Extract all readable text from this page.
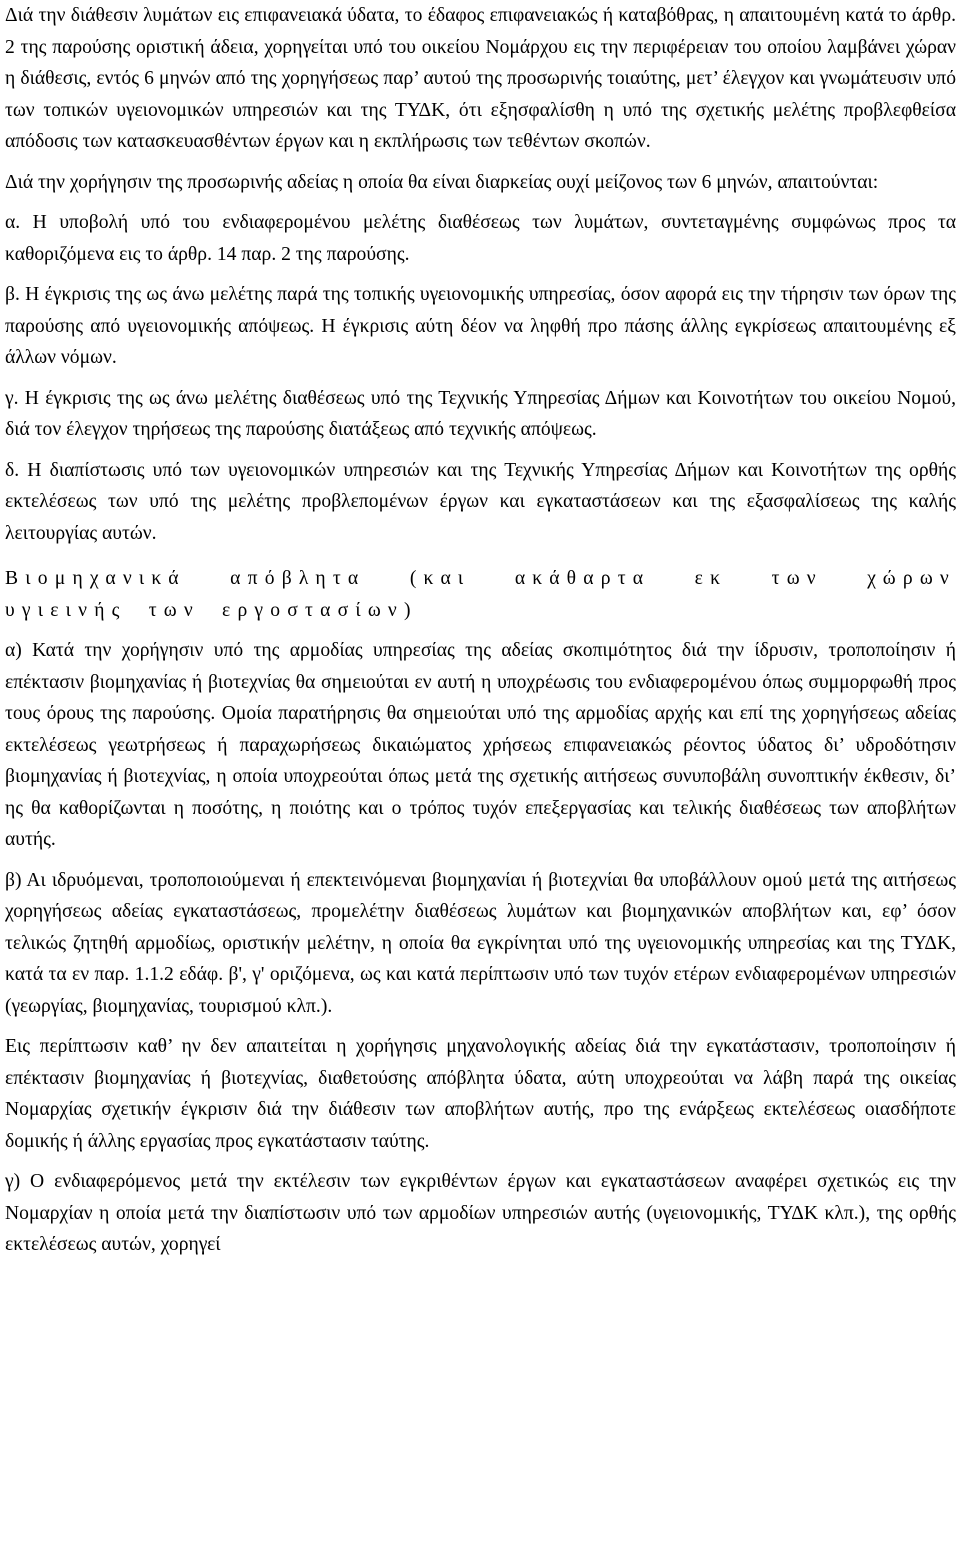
Διά την διάθεσιν λυμάτων εις επιφανειακά ύδατα, το έδαφος επιφανειακώς ή καταβόθρας, η απαιτουμένη κατά το άρθρ. 2 της παρούσης οριστική άδεια, χορηγείται υπό του οικείου Νομάρχου εις την περιφέρειαν του οποίου λαμβάνει χώραν η διάθεσις, εντός 6 μηνών από της χορηγήσεως παρ’ αυτού της προσωρινής τοιαύτης, μετ’ έλεγχον και γνωμάτευσιν υπό των τοπικών υγειονομικών υπηρεσιών και της ΤΥΔΚ, ότι εξησφαλίσθη η υπό της σχετικής μελέτης προβλεφθείσα απόδοσις των κατασκευασθέντων έργων και η εκπλήρωσις των τεθέντων σκοπών.

Διά την χορήγησιν της προσωρινής αδείας η οποία θα είναι διαρκείας ουχί μείζονος των 6 μηνών, απαιτούνται:

α. Η υποβολή υπό του ενδιαφερομένου μελέτης διαθέσεως των λυμάτων, συντεταγμένης συμφώνως προς τα καθοριζόμενα εις το άρθρ. 14 παρ. 2 της παρούσης.

β. Η έγκρισις της ως άνω μελέτης παρά της τοπικής υγειονομικής υπηρεσίας, όσον αφορά εις την τήρησιν των όρων της παρούσης από υγειονομικής απόψεως. Η έγκρισις αύτη δέον να ληφθή προ πάσης άλλης εγκρίσεως απαιτουμένης εξ άλλων νόμων.

γ. Η έγκρισις της ως άνω μελέτης διαθέσεως υπό της Τεχνικής Υπηρεσίας Δήμων και Κοινοτήτων του οικείου Νομού, διά τον έλεγχον τηρήσεως της παρούσης διατάξεως από τεχνικής απόψεως.

δ. Η διαπίστωσις υπό των υγειονομικών υπηρεσιών και της Τεχνικής Υπηρεσίας Δήμων και Κοινοτήτων της ορθής εκτελέσεως των υπό της μελέτης προβλεπομένων έργων και εγκαταστάσεων και της εξασφαλίσεως της καλής λειτουργίας αυτών.

Βιομηχανικά απόβλητα (και ακάθαρτα εκ των χώρων
υγιεινής των εργοστασίων)

α) Κατά την χορήγησιν υπό της αρμοδίας υπηρεσίας της αδείας σκοπιμότητος διά την ίδρυσιν, τροποποίησιν ή επέκτασιν βιομηχανίας ή βιοτεχνίας θα σημειούται εν αυτή η υποχρέωσις του ενδιαφερομένου όπως συμμορφωθή προς τους όρους της παρούσης. Ομοία παρατήρησις θα σημειούται υπό της αρμοδίας αρχής και επί της χορηγήσεως αδείας εκτελέσεως γεωτρήσεως ή παραχωρήσεως δικαιώματος χρήσεως επιφανειακώς ρέοντος ύδατος δι’ υδροδότησιν βιομηχανίας ή βιοτεχνίας, η οποία υποχρεούται όπως μετά της σχετικής αιτήσεως συνυποβάλη συνοπτικήν έκθεσιν, δι’ ης θα καθορίζωνται η ποσότης, η ποιότης και ο τρόπος τυχόν επεξεργασίας και τελικής διαθέσεως των αποβλήτων αυτής.

β) Αι ιδρυόμεναι, τροποποιούμεναι ή επεκτεινόμεναι βιομηχανίαι ή βιοτεχνίαι θα υποβάλλουν ομού μετά της αιτήσεως χορηγήσεως αδείας εγκαταστάσεως, προμελέτην διαθέσεως λυμάτων και βιομηχανικών αποβλήτων και, εφ’ όσον τελικώς ζητηθή αρμοδίως, οριστικήν μελέτην, η οποία θα εγκρίνηται υπό της υγειονομικής υπηρεσίας και της ΤΥΔΚ, κατά τα εν παρ. 1.1.2 εδάφ. β', γ' οριζόμενα, ως και κατά περίπτωσιν υπό των τυχόν ετέρων ενδιαφερομένων υπηρεσιών (γεωργίας, βιομηχανίας, τουρισμού κλπ.).

Εις περίπτωσιν καθ’ ην δεν απαιτείται η χορήγησις μηχανολογικής αδείας διά την εγκατάστασιν, τροποποίησιν ή επέκτασιν βιομηχανίας ή βιοτεχνίας, διαθετούσης απόβλητα ύδατα, αύτη υποχρεούται να λάβη παρά της οικείας Νομαρχίας σχετικήν έγκρισιν διά την διάθεσιν των αποβλήτων αυτής, προ της ενάρξεως εκτελέσεως οιασδήποτε δομικής ή άλλης εργασίας προς εγκατάστασιν ταύτης.

γ) Ο ενδιαφερόμενος μετά την εκτέλεσιν των εγκριθέντων έργων και εγκαταστάσεων αναφέρει σχετικώς εις την Νομαρχίαν η οποία μετά την διαπίστωσιν υπό των αρμοδίων υπηρεσιών αυτής (υγειονομικής, ΤΥΔΚ κλπ.), της ορθής εκτελέσεως αυτών, χορηγεί
